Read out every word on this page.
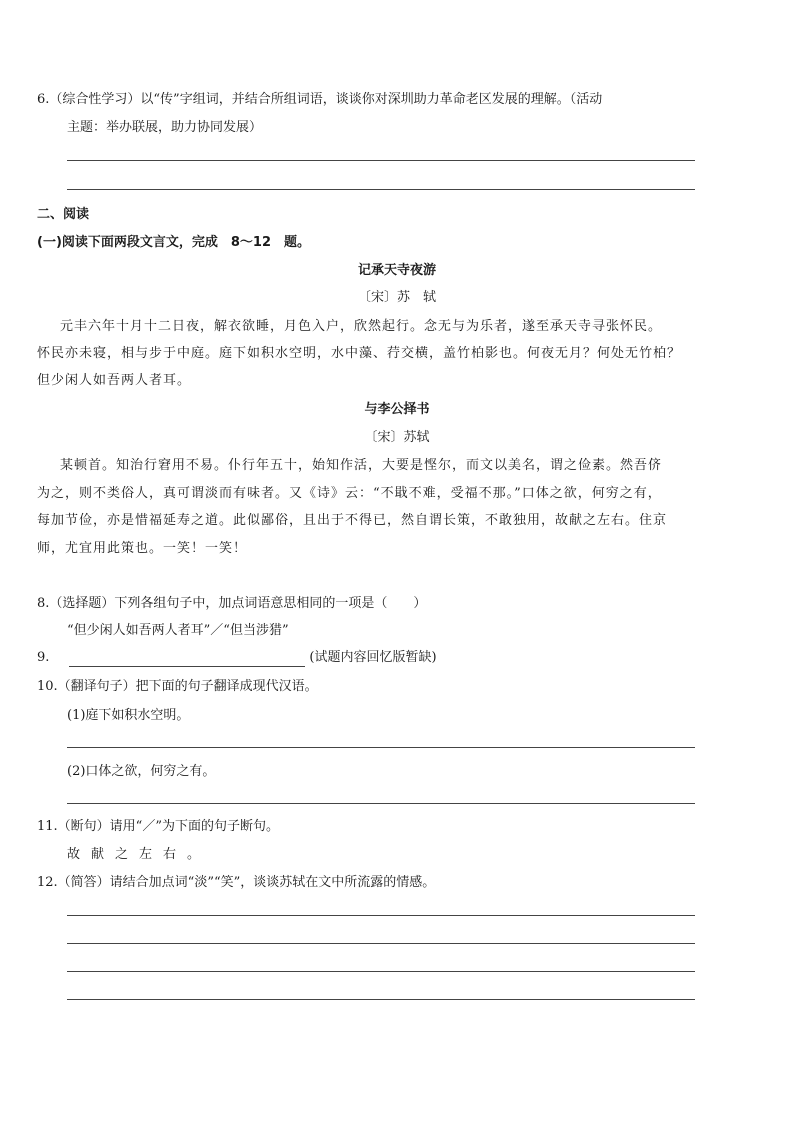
6.（综合性学习）以“传”字组词，并结合所组词语，谈谈你对深圳助力革命老区发展的理解。（活动
主题：举办联展，助力协同发展）
二、阅读
(一)阅读下面两段文言文，完成　8～12　题。
记承天寺夜游
〔宋〕苏　轼
元丰六年十月十二日夜，解衣欲睡，月色入户，欣然起行。念无与为乐者，遂至承天寺寻张怀民。
怀民亦未寝，相与步于中庭。庭下如积水空明，水中藻、荇交横，盖竹柏影也。何夜无月？何处无竹柏？
但少闲人如吾两人者耳。
与李公择书
〔宋〕苏轼
某顿首。知治行窘用不易。仆行年五十，始知作活，大要是悭尔，而文以美名，谓之俭素。然吾侪
为之，则不类俗人，真可谓淡而有味者。又《诗》云：“不戢不难，受福不那。”口体之欲，何穷之有，
每加节俭，亦是惜福延寿之道。此似鄙俗，且出于不得已，然自谓长策，不敢独用，故献之左右。住京
师，尤宜用此策也。一笑！一笑！
8.（选择题）下列各组句子中，加点词语意思相同的一项是（　　）
“但少闲人如吾两人者耳”／“但当涉猎”
9.	(试题内容回忆版暂缺)
10.（翻译句子）把下面的句子翻译成现代汉语。
(1)庭下如积水空明。
(2)口体之欲，何穷之有。
11.（断句）请用“／”为下面的句子断句。
故献之左右。
12.（简答）请结合加点词“淡”“笑”，谈谈苏轼在文中所流露的情感。
